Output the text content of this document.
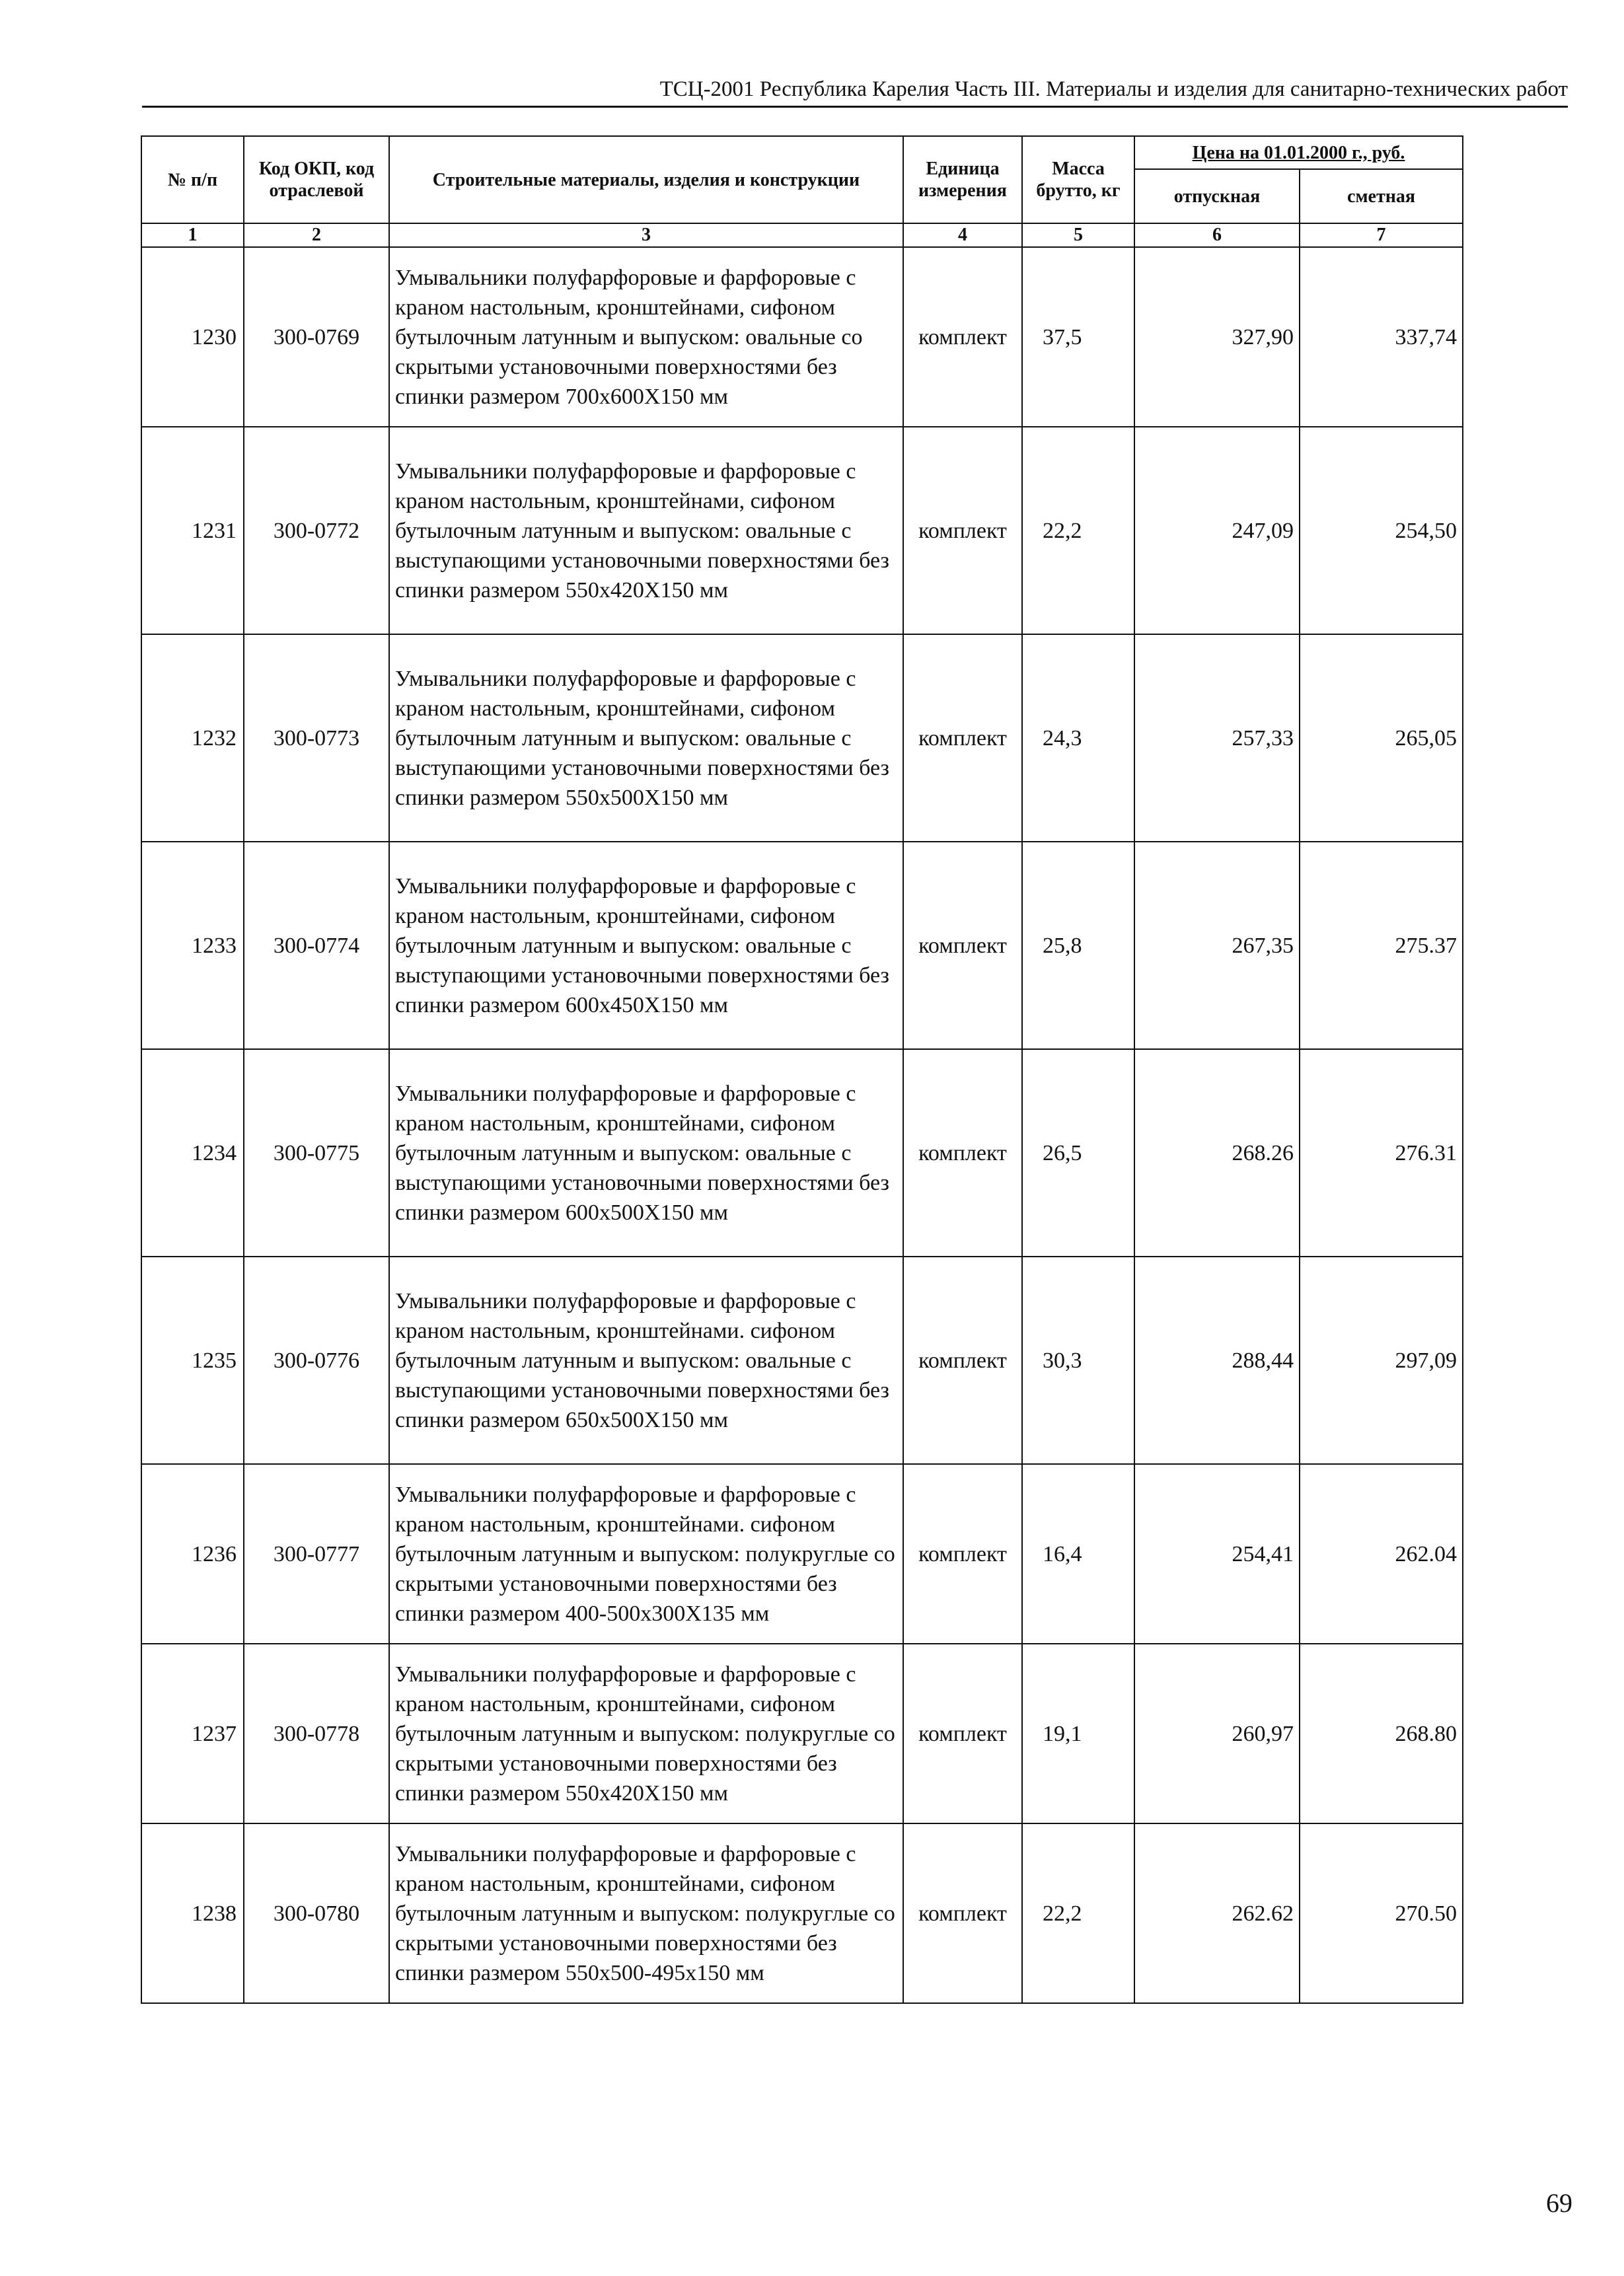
ТСЦ-2001 Республика Карелия Часть III. Материалы и изделия для санитарно-технических работ
№ п/п	Код ОКП, код отраслевой	Строительные материалы, изделия и конструкции	Единица измерения	Масса брутто, кг	Цена на 01.01.2000 г., руб.	
					отпускная	сметная
1	2	3	4	5	6	7
1230	300-0769	Умывальники полуфарфоровые и фарфоровые с краном настольным, кронштейнами, сифоном бутылочным латунным и выпуском: овальные со скрытыми установочными поверхностями без спинки размером 700x600X150 мм	комплект	37,5	327,90	337,74
1231	300-0772	Умывальники полуфарфоровые и фарфоровые с краном настольным, кронштейнами, сифоном бутылочным латунным и выпуском: овальные с выступающими установочными поверхностями без спинки размером 550x420X150 мм	комплект	22,2	247,09	254,50
1232	300-0773	Умывальники полуфарфоровые и фарфоровые с краном настольным, кронштейнами, сифоном бутылочным латунным и выпуском: овальные с выступающими установочными поверхностями без спинки размером 550x500X150 мм	комплект	24,3	257,33	265,05
1233	300-0774	Умывальники полуфарфоровые и фарфоровые с краном настольным, кронштейнами, сифоном бутылочным латунным и выпуском: овальные с выступающими установочными поверхностями без спинки размером 600x450X150 мм	комплект	25,8	267,35	275.37
1234	300-0775	Умывальники полуфарфоровые и фарфоровые с краном настольным, кронштейнами, сифоном бутылочным латунным и выпуском: овальные с выступающими установочными поверхностями без спинки размером 600x500X150 мм	комплект	26,5	268.26	276.31
1235	300-0776	Умывальники полуфарфоровые и фарфоровые с краном настольным, кронштейнами. сифоном бутылочным латунным и выпуском: овальные с выступающими установочными поверхностями без спинки размером 650x500X150 мм	комплект	30,3	288,44	297,09
1236	300-0777	Умывальники полуфарфоровые и фарфоровые с краном настольным, кронштейнами. сифоном бутылочным латунным и выпуском: полукруглые со скрытыми установочными поверхностями без спинки размером 400-500x300X135 мм	комплект	16,4	254,41	262.04
1237	300-0778	Умывальники полуфарфоровые и фарфоровые с краном настольным, кронштейнами, сифоном бутылочным латунным и выпуском: полукруглые со скрытыми установочными поверхностями без спинки размером 550x420X150 мм	комплект	19,1	260,97	268.80
1238	300-0780	Умывальники полуфарфоровые и фарфоровые с краном настольным, кронштейнами, сифоном бутылочным латунным и выпуском: полукруглые со скрытыми установочными поверхностями без спинки размером 550x500-495x150 мм	комплект	22,2	262.62	270.50
69
